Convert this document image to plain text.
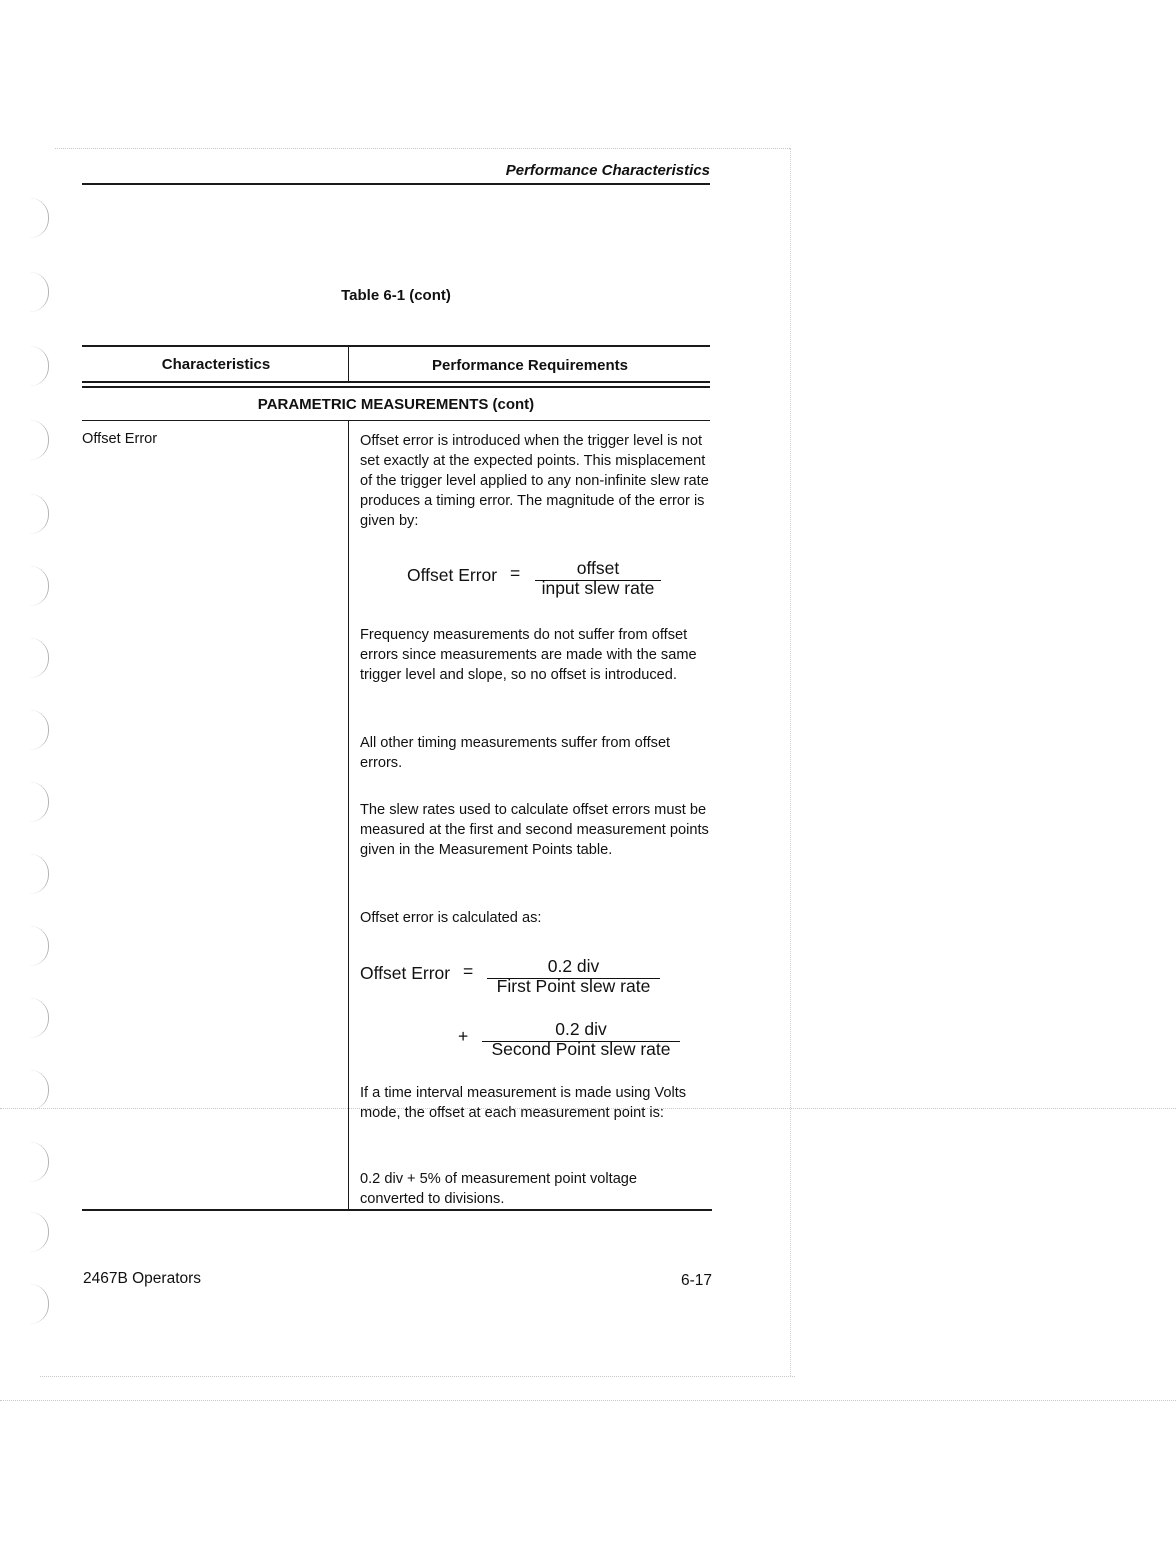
Performance Characteristics
Table 6-1 (cont)
Characteristics	Performance Requirements
PARAMETRIC MEASUREMENTS (cont)
Offset Error	Offset error is introduced when the trigger level is not set exactly at the expected points. This misplacement of the trigger level applied to any non-infinite slew rate produces a timing error. The magnitude of the error is given by:
Offset Error =	offset
input slew rate
Frequency measurements do not suffer from offset errors since measurements are made with the same trigger level and slope, so no offset is introduced.
All other timing measurements suffer from offset errors.
The slew rates used to calculate offset errors must be measured at the first and second measurement points given in the Measurement Points table.
Offset error is calculated as:
Offset Error =	0.2 div
First Point slew rate
+	0.2 div
Second Point slew rate
If a time interval measurement is made using Volts mode, the offset at each measurement point is:
0.2 div + 5% of measurement point voltage converted to divisions.
2467B Operators	6-17
